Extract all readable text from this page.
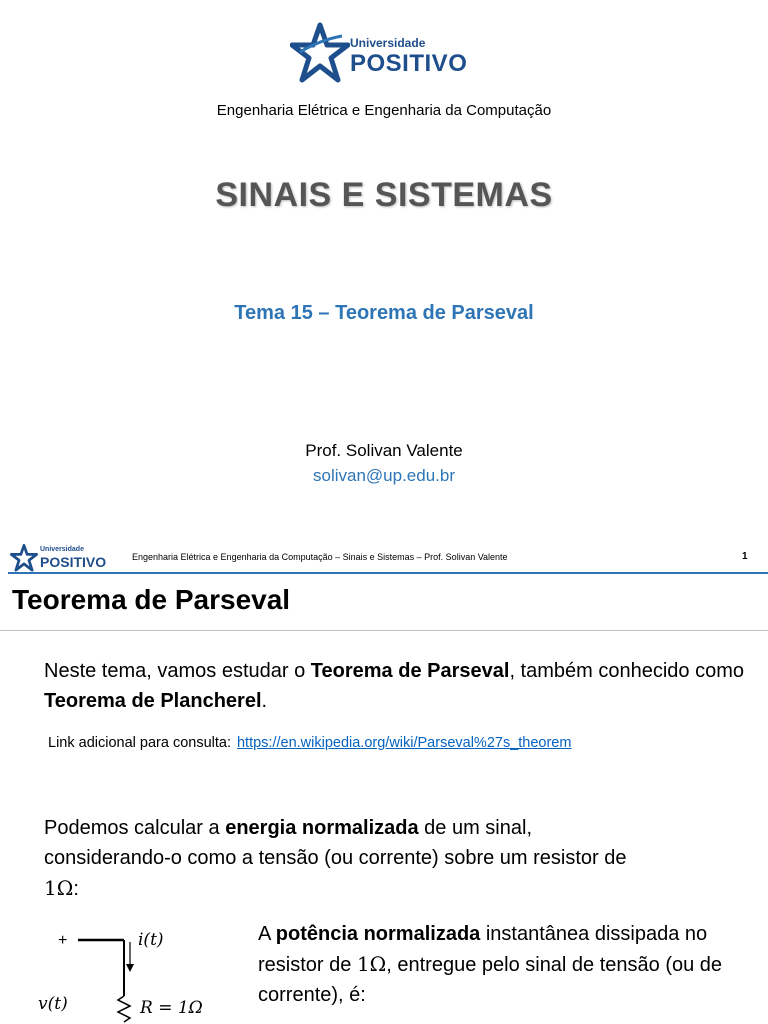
Universidade
POSITIVO
Engenharia Elétrica e Engenharia da Computação
SINAIS E SISTEMAS
Tema 15 – Teorema de Parseval
Prof. Solivan Valente
solivan@up.edu.br
Universidade
POSITIVO	Engenharia Elétrica e Engenharia da Computação – Sinais e Sistemas – Prof. Solivan Valente	1
Teorema de Parseval
Neste tema, vamos estudar o Teorema de Parseval, também conhecido como Teorema de Plancherel.
Link adicional para consulta: https://en.wikipedia.org/wiki/Parseval%27s_theorem
Podemos calcular a energia normalizada de um sinal, considerando-o como a tensão (ou corrente) sobre um resistor de 1Ω:
+	i(t)
v(t)	R = 1Ω
A potência normalizada instantânea dissipada no resistor de 1Ω, entregue pelo sinal de tensão (ou de corrente), é:
